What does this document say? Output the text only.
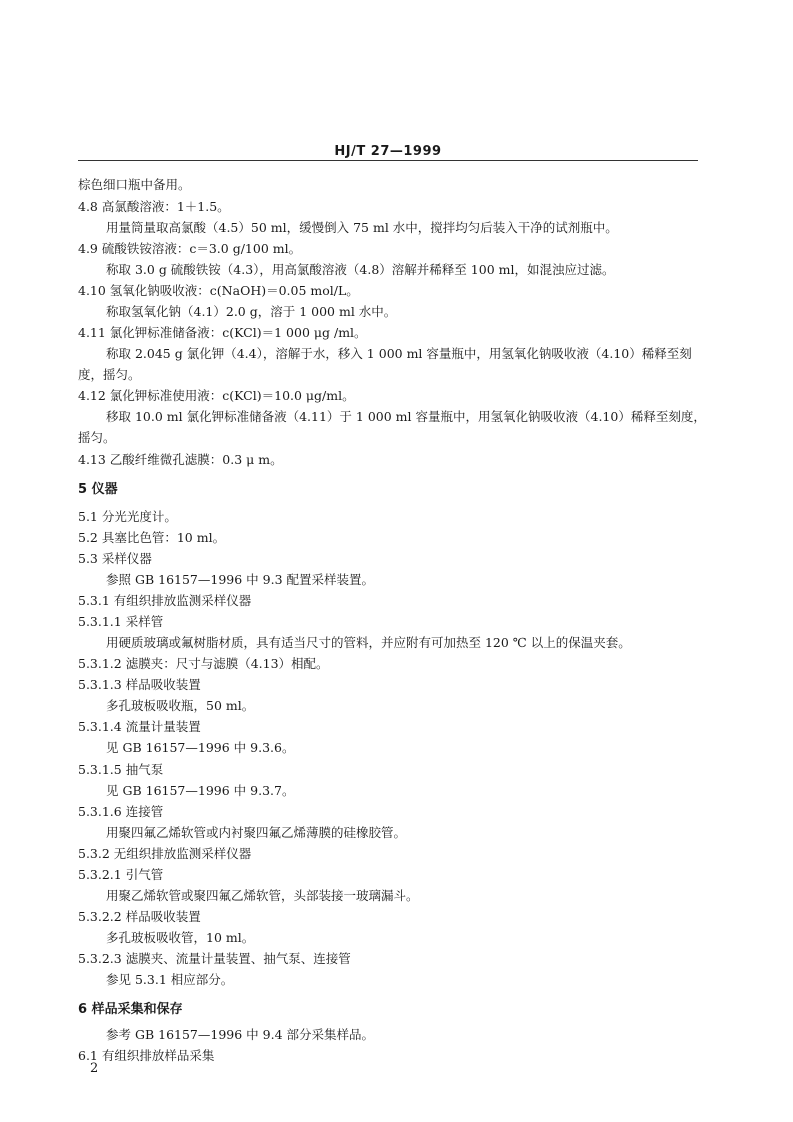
HJ/T 27—1999
棕色细口瓶中备用。
4.8 高氯酸溶液：1＋1.5。
用量筒量取高氯酸（4.5）50 ml，缓慢倒入 75 ml 水中，搅拌均匀后装入干净的试剂瓶中。
4.9 硫酸铁铵溶液：c＝3.0 g/100 ml。
称取 3.0 g 硫酸铁铵（4.3），用高氯酸溶液（4.8）溶解并稀释至 100 ml，如混浊应过滤。
4.10 氢氧化钠吸收液：c(NaOH)＝0.05 mol/L。
称取氢氧化钠（4.1）2.0 g，溶于 1 000 ml 水中。
4.11 氯化钾标准储备液：c(KCl)＝1 000 μg /ml。
称取 2.045 g 氯化钾（4.4），溶解于水，移入 1 000 ml 容量瓶中，用氢氧化钠吸收液（4.10）稀释至刻
度，摇匀。
4.12 氯化钾标准使用液：c(KCl)＝10.0 μg/ml。
移取 10.0 ml 氯化钾标准储备液（4.11）于 1 000 ml 容量瓶中，用氢氧化钠吸收液（4.10）稀释至刻度，
摇匀。
4.13 乙酸纤维微孔滤膜：0.3 μ m。
5 仪器
5.1 分光光度计。
5.2 具塞比色管：10 ml。
5.3 采样仪器
参照 GB 16157—1996 中 9.3 配置采样装置。
5.3.1 有组织排放监测采样仪器
5.3.1.1 采样管
用硬质玻璃或氟树脂材质，具有适当尺寸的管料，并应附有可加热至 120 ℃ 以上的保温夹套。
5.3.1.2 滤膜夹：尺寸与滤膜（4.13）相配。
5.3.1.3 样品吸收装置
多孔玻板吸收瓶，50 ml。
5.3.1.4 流量计量装置
见 GB 16157—1996 中 9.3.6。
5.3.1.5 抽气泵
见 GB 16157—1996 中 9.3.7。
5.3.1.6 连接管
用聚四氟乙烯软管或内衬聚四氟乙烯薄膜的硅橡胶管。
5.3.2 无组织排放监测采样仪器
5.3.2.1 引气管
用聚乙烯软管或聚四氟乙烯软管，头部装接一玻璃漏斗。
5.3.2.2 样品吸收装置
多孔玻板吸收管，10 ml。
5.3.2.3 滤膜夹、流量计量装置、抽气泵、连接管
参见 5.3.1 相应部分。
6 样品采集和保存
参考 GB 16157—1996 中 9.4 部分采集样品。
6.1 有组织排放样品采集
2
